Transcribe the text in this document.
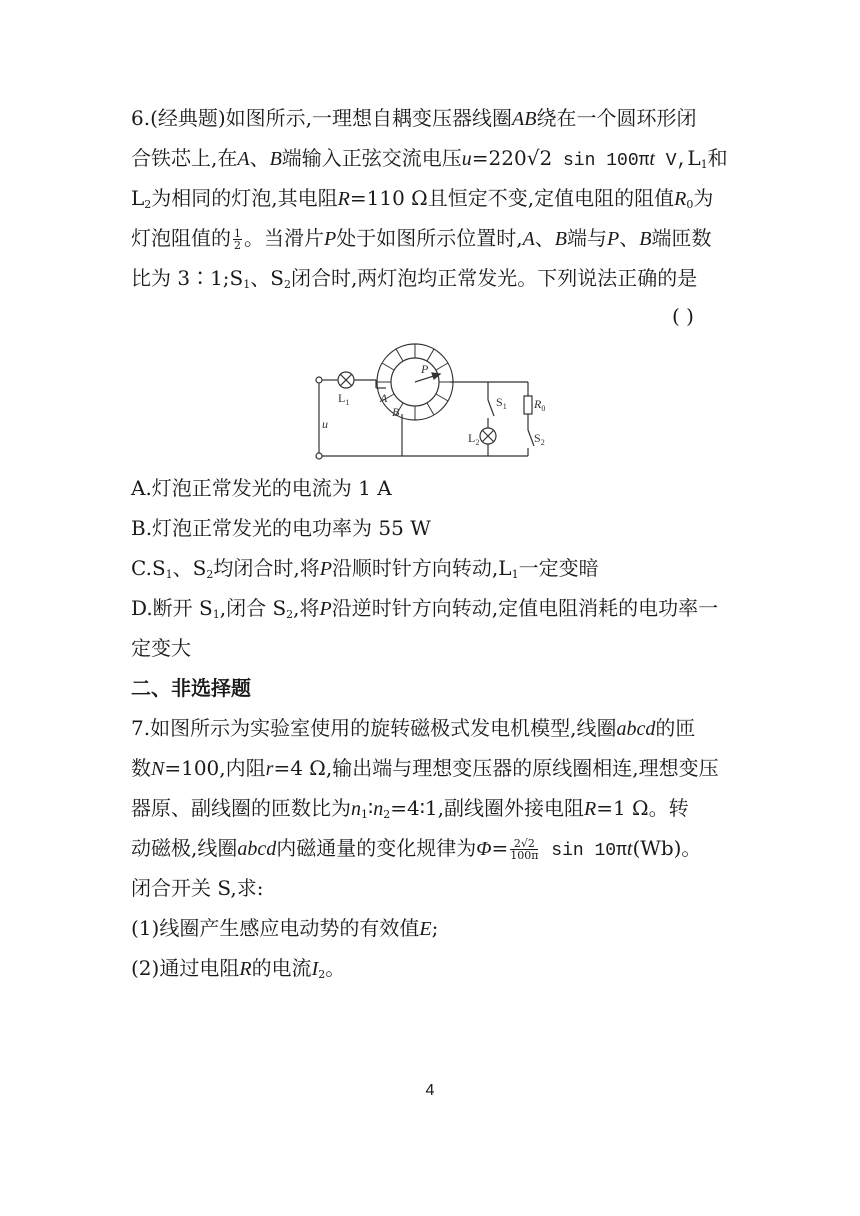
6.(经典题)如图所示,一理想自耦变压器线圈AB绕在一个圆环形闭
合铁芯上,在A、B端输入正弦交流电压u=220√2 sin 100πt $V,L_1$和
$L_2$为相同的灯泡,其电阻R=110 Ω且恒定不变,定值电阻的阻值$R_0$为
灯泡阻值的 $\frac{1}{2}$ 。当滑片P处于如图所示位置时,A、B端与P、B端匝数
比为 $3∶1;S_1$、$S_2$闭合时,两灯泡均正常发光。下列说法正确的是
( )
$L_1$	A
B
P
u
$S_1$
$L_2$
$R_0$
$S_2$
A.灯泡正常发光的电流为 1 A
B.灯泡正常发光的电功率为 55 W
$C.S_1$、$S_2$均闭合时,将P沿顺时针方向转动$,L_1$一定变暗
D.断开 $S_1$,闭合 $S_2$,将P沿逆时针方向转动,定值电阻消耗的电功率一
定变大
二、非选择题
7.如图所示为实验室使用的旋转磁极式发电机模型,线圈abcd的匝
数N=100,内阻r=4 Ω,输出端与理想变压器的原线圈相连,理想变压
器原、副线圈的匝数比为$n_1∶n_2=4∶1$,副线圈外接电阻R=1 Ω。转
动磁极,线圈abcd内磁通量的变化规律为$\Phi= \frac{2√2}{100\pi}$ sin 10πt(Wb)。
闭合开关 S,求:
(1)线圈产生感应电动势的有效值E;
(2)通过电阻R的电流$I_2$。
4
